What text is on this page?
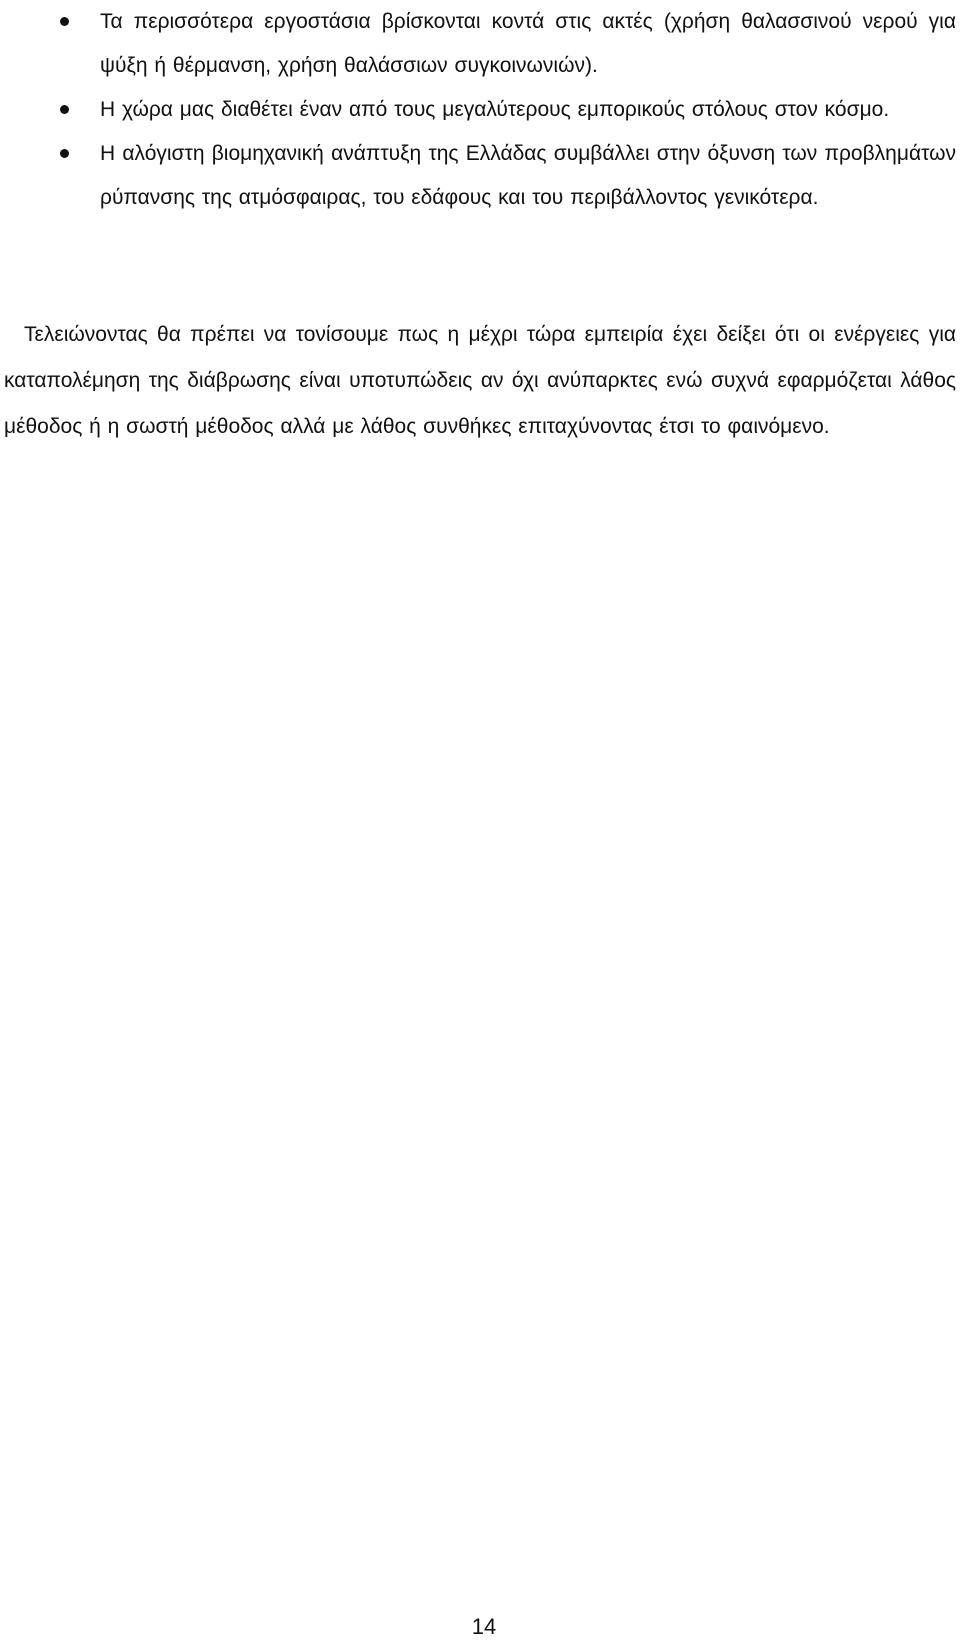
Τα περισσότερα εργοστάσια βρίσκονται κοντά στις ακτές (χρήση θαλασσινού νερού για ψύξη ή θέρμανση, χρήση θαλάσσιων συγκοινωνιών).
Η χώρα μας διαθέτει έναν από τους μεγαλύτερους εμπορικούς στόλους στον κόσμο.
Η αλόγιστη βιομηχανική ανάπτυξη της Ελλάδας συμβάλλει στην όξυνση των προβλημάτων ρύπανσης της ατμόσφαιρας, του εδάφους και του περιβάλλοντος γενικότερα.

Τελειώνοντας θα πρέπει να τονίσουμε πως η μέχρι τώρα εμπειρία έχει δείξει ότι οι ενέργειες για καταπολέμηση της διάβρωσης είναι υποτυπώδεις αν όχι ανύπαρκτες ενώ συχνά εφαρμόζεται λάθος μέθοδος ή η σωστή μέθοδος αλλά με λάθος συνθήκες επιταχύνοντας έτσι το φαινόμενο.

14
